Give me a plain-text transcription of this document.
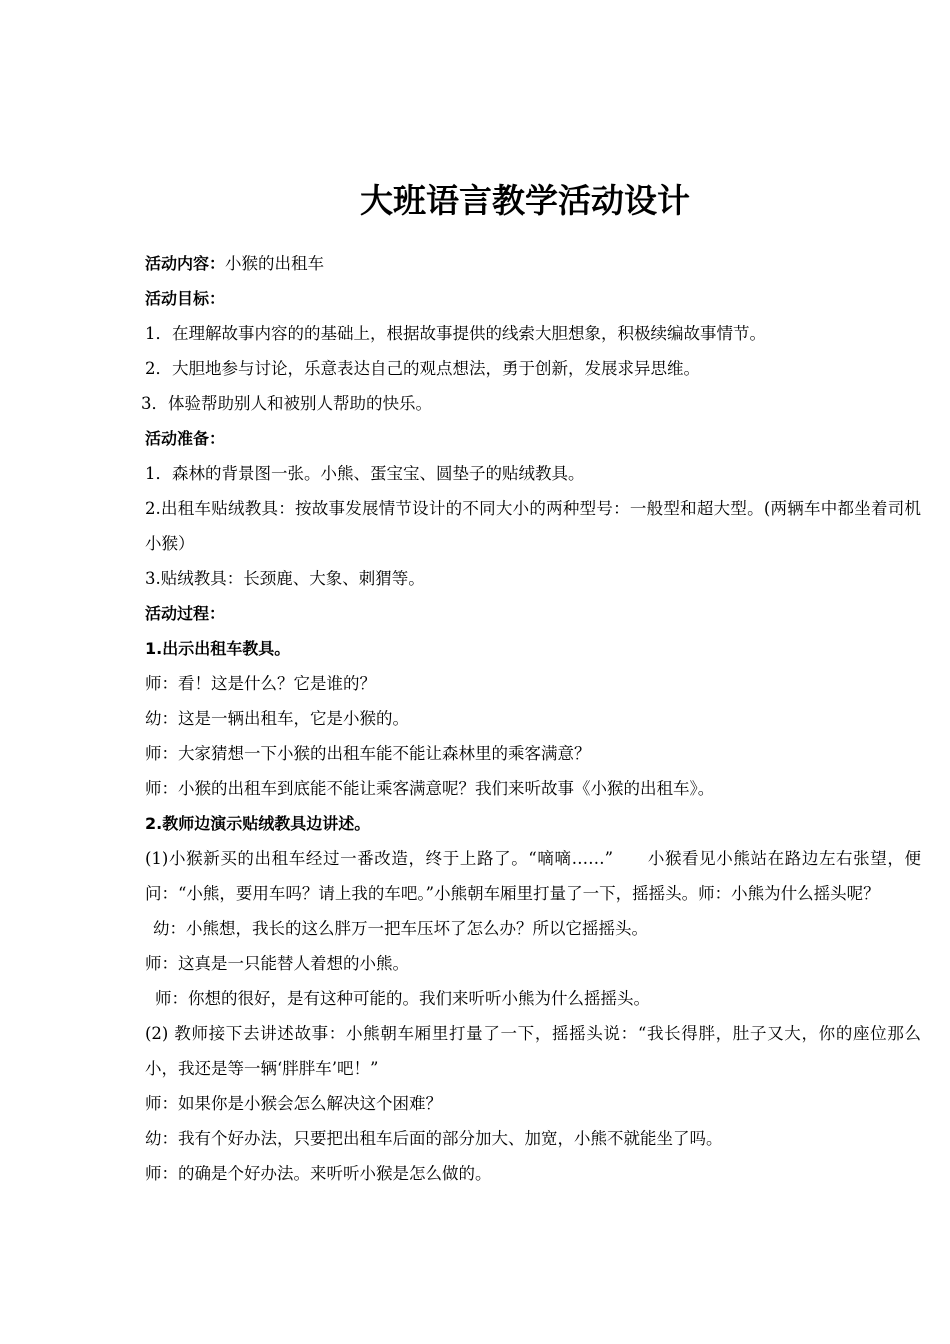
大班语言教学活动设计

活动内容：小猴的出租车

活动目标：

1．在理解故事内容的的基础上，根据故事提供的线索大胆想象，积极续编故事情节。

2．大胆地参与讨论，乐意表达自己的观点想法，勇于创新，发展求异思维。

3．体验帮助别人和被别人帮助的快乐。

活动准备：

1．森林的背景图一张。小熊、蛋宝宝、圆垫子的贴绒教具。

2.出租车贴绒教具：按故事发展情节设计的不同大小的两种型号：一般型和超大型。(两辆车中都坐着司机小猴）

3.贴绒教具：长颈鹿、大象、刺猬等。

活动过程：

1.出示出租车教具。

师：看！这是什么？它是谁的？

幼：这是一辆出租车，它是小猴的。

师：大家猜想一下小猴的出租车能不能让森林里的乘客满意？

师：小猴的出租车到底能不能让乘客满意呢？我们来听故事《小猴的出租车》。

2.教师边演示贴绒教具边讲述。

(1)小猴新买的出租车经过一番改造，终于上路了。“嘀嘀……”　　小猴看见小熊站在路边左右张望，便问：“小熊，要用车吗？请上我的车吧。”小熊朝车厢里打量了一下，摇摇头。师：小熊为什么摇头呢？

幼：小熊想，我长的这么胖万一把车压坏了怎么办？所以它摇摇头。

师：这真是一只能替人着想的小熊。

师：你想的很好，是有这种可能的。我们来听听小熊为什么摇摇头。

(2) 教师接下去讲述故事：小熊朝车厢里打量了一下，摇摇头说：“我长得胖，肚子又大，你的座位那么小，我还是等一辆‘胖胖车’吧！”

师：如果你是小猴会怎么解决这个困难？

幼：我有个好办法，只要把出租车后面的部分加大、加宽，小熊不就能坐了吗。

师：的确是个好办法。来听听小猴是怎么做的。
